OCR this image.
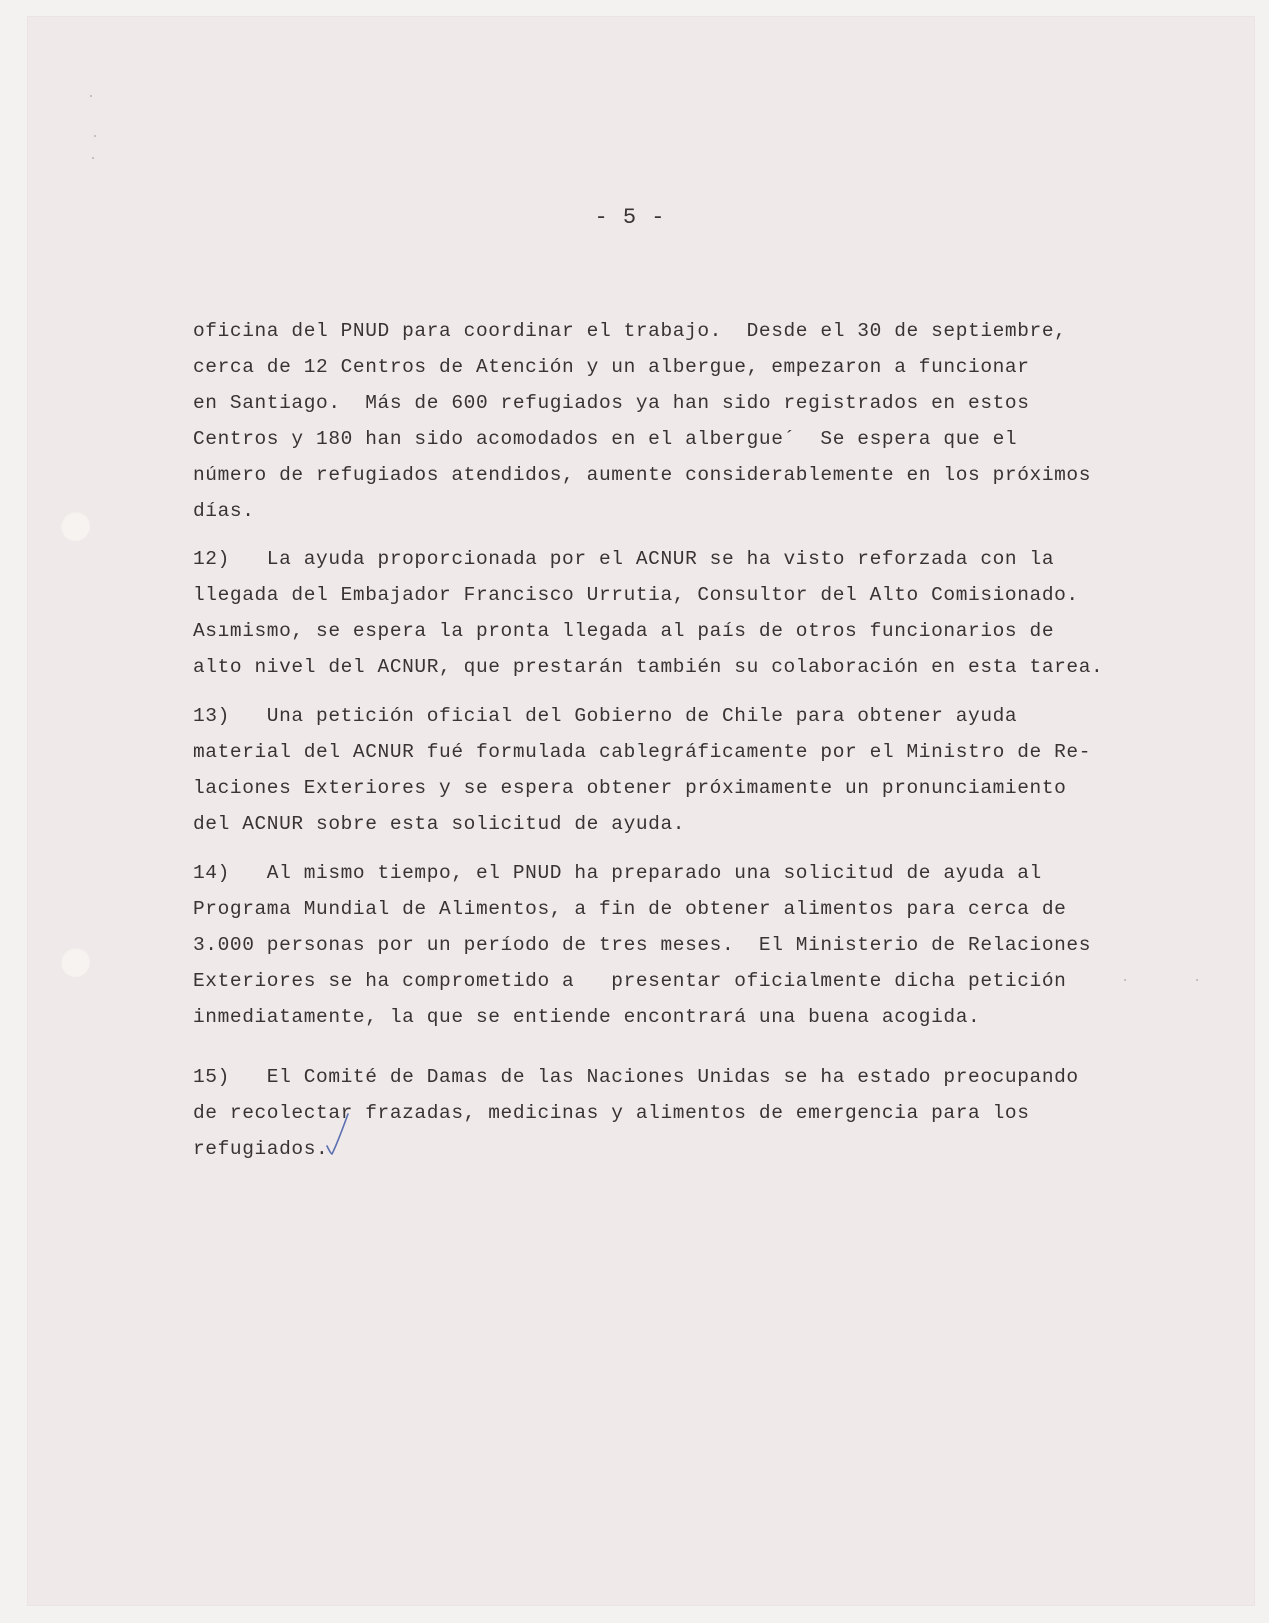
- 5 -
oficina del PNUD para coordinar el trabajo.  Desde el 30 de septiembre,
cerca de 12 Centros de Atención y un albergue, empezaron a funcionar
en Santiago.  Más de 600 refugiados ya han sido registrados en estos
Centros y 180 han sido acomodados en el albergue´  Se espera que el
número de refugiados atendidos, aumente considerablemente en los próximos
días.
12)   La ayuda proporcionada por el ACNUR se ha visto reforzada con la
llegada del Embajador Francisco Urrutia, Consultor del Alto Comisionado.
Asımismo, se espera la pronta llegada al país de otros funcionarios de
alto nivel del ACNUR, que prestarán también su colaboración en esta tarea.
13)   Una petición oficial del Gobierno de Chile para obtener ayuda
material del ACNUR fué formulada cablegráficamente por el Ministro de Re-
laciones Exteriores y se espera obtener próximamente un pronunciamiento
del ACNUR sobre esta solicitud de ayuda.
14)   Al mismo tiempo, el PNUD ha preparado una solicitud de ayuda al
Programa Mundial de Alimentos, a fin de obtener alimentos para cerca de
3.000 personas por un período de tres meses.  El Ministerio de Relaciones
Exteriores se ha comprometido a   presentar oficialmente dicha petición
inmediatamente, la que se entiende encontrará una buena acogida.
15)   El Comité de Damas de las Naciones Unidas se ha estado preocupando
de recolectar frazadas, medicinas y alimentos de emergencia para los
refugiados.
